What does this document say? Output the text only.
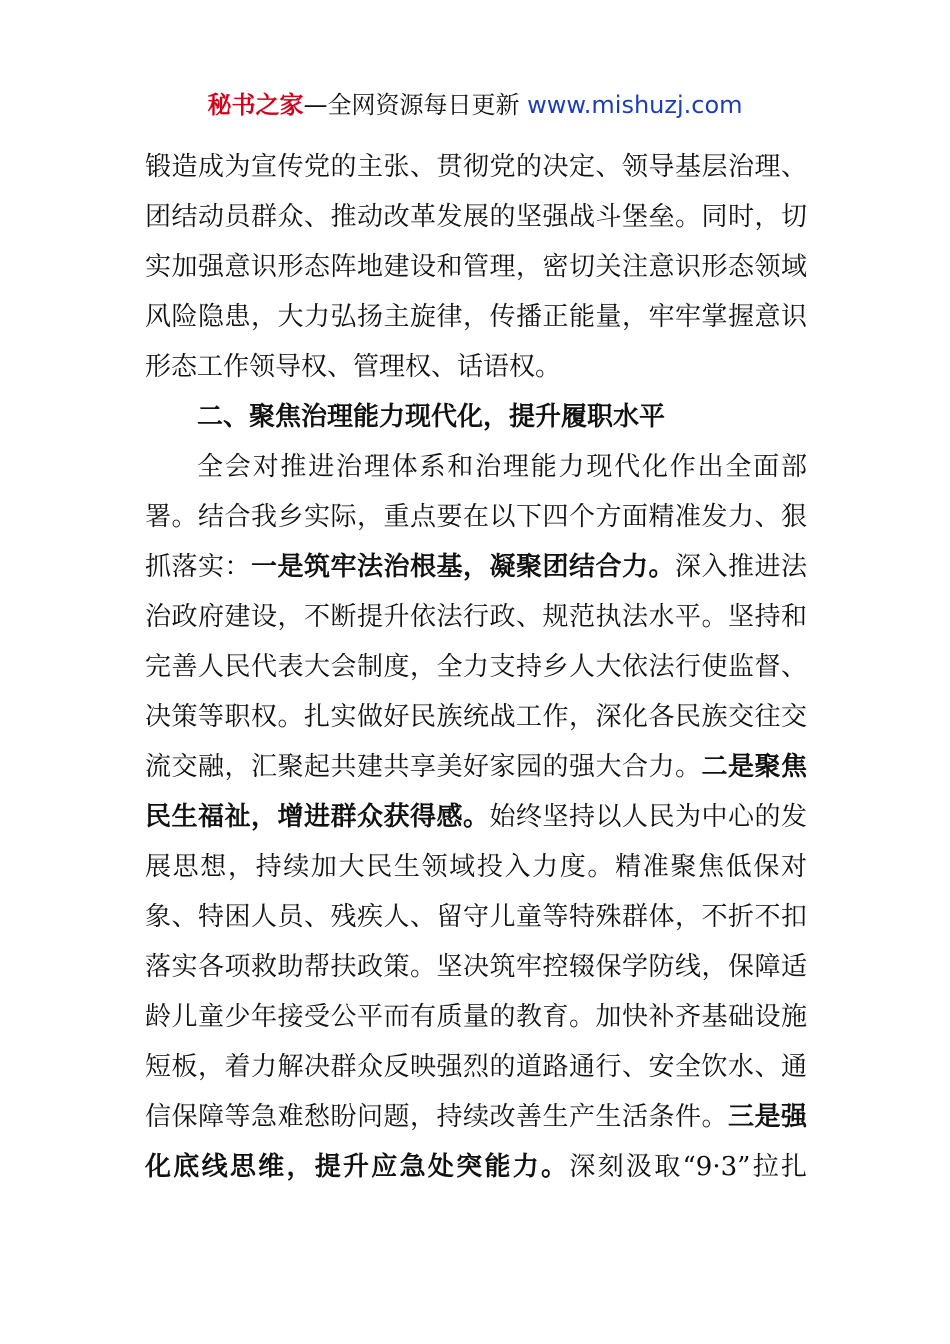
秘书之家—全网资源每日更新 www.mishuzj.com
锻造成为宣传党的主张、贯彻党的决定、领导基层治理、
团结动员群众、推动改革发展的坚强战斗堡垒。同时，切
实加强意识形态阵地建设和管理，密切关注意识形态领域
风险隐患，大力弘扬主旋律，传播正能量，牢牢掌握意识
形态工作领导权、管理权、话语权。
二、聚焦治理能力现代化，提升履职水平
全会对推进治理体系和治理能力现代化作出全面部
署。结合我乡实际，重点要在以下四个方面精准发力、狠
抓落实：一是筑牢法治根基，凝聚团结合力。深入推进法
治政府建设，不断提升依法行政、规范执法水平。坚持和
完善人民代表大会制度，全力支持乡人大依法行使监督、
决策等职权。扎实做好民族统战工作，深化各民族交往交
流交融，汇聚起共建共享美好家园的强大合力。二是聚焦
民生福祉，增进群众获得感。始终坚持以人民为中心的发
展思想，持续加大民生领域投入力度。精准聚焦低保对
象、特困人员、残疾人、留守儿童等特殊群体，不折不扣
落实各项救助帮扶政策。坚决筑牢控辍保学防线，保障适
龄儿童少年接受公平而有质量的教育。加快补齐基础设施
短板，着力解决群众反映强烈的道路通行、安全饮水、通
信保障等急难愁盼问题，持续改善生产生活条件。三是强
化底线思维，提升应急处突能力。深刻汲取“9·3”拉扎
